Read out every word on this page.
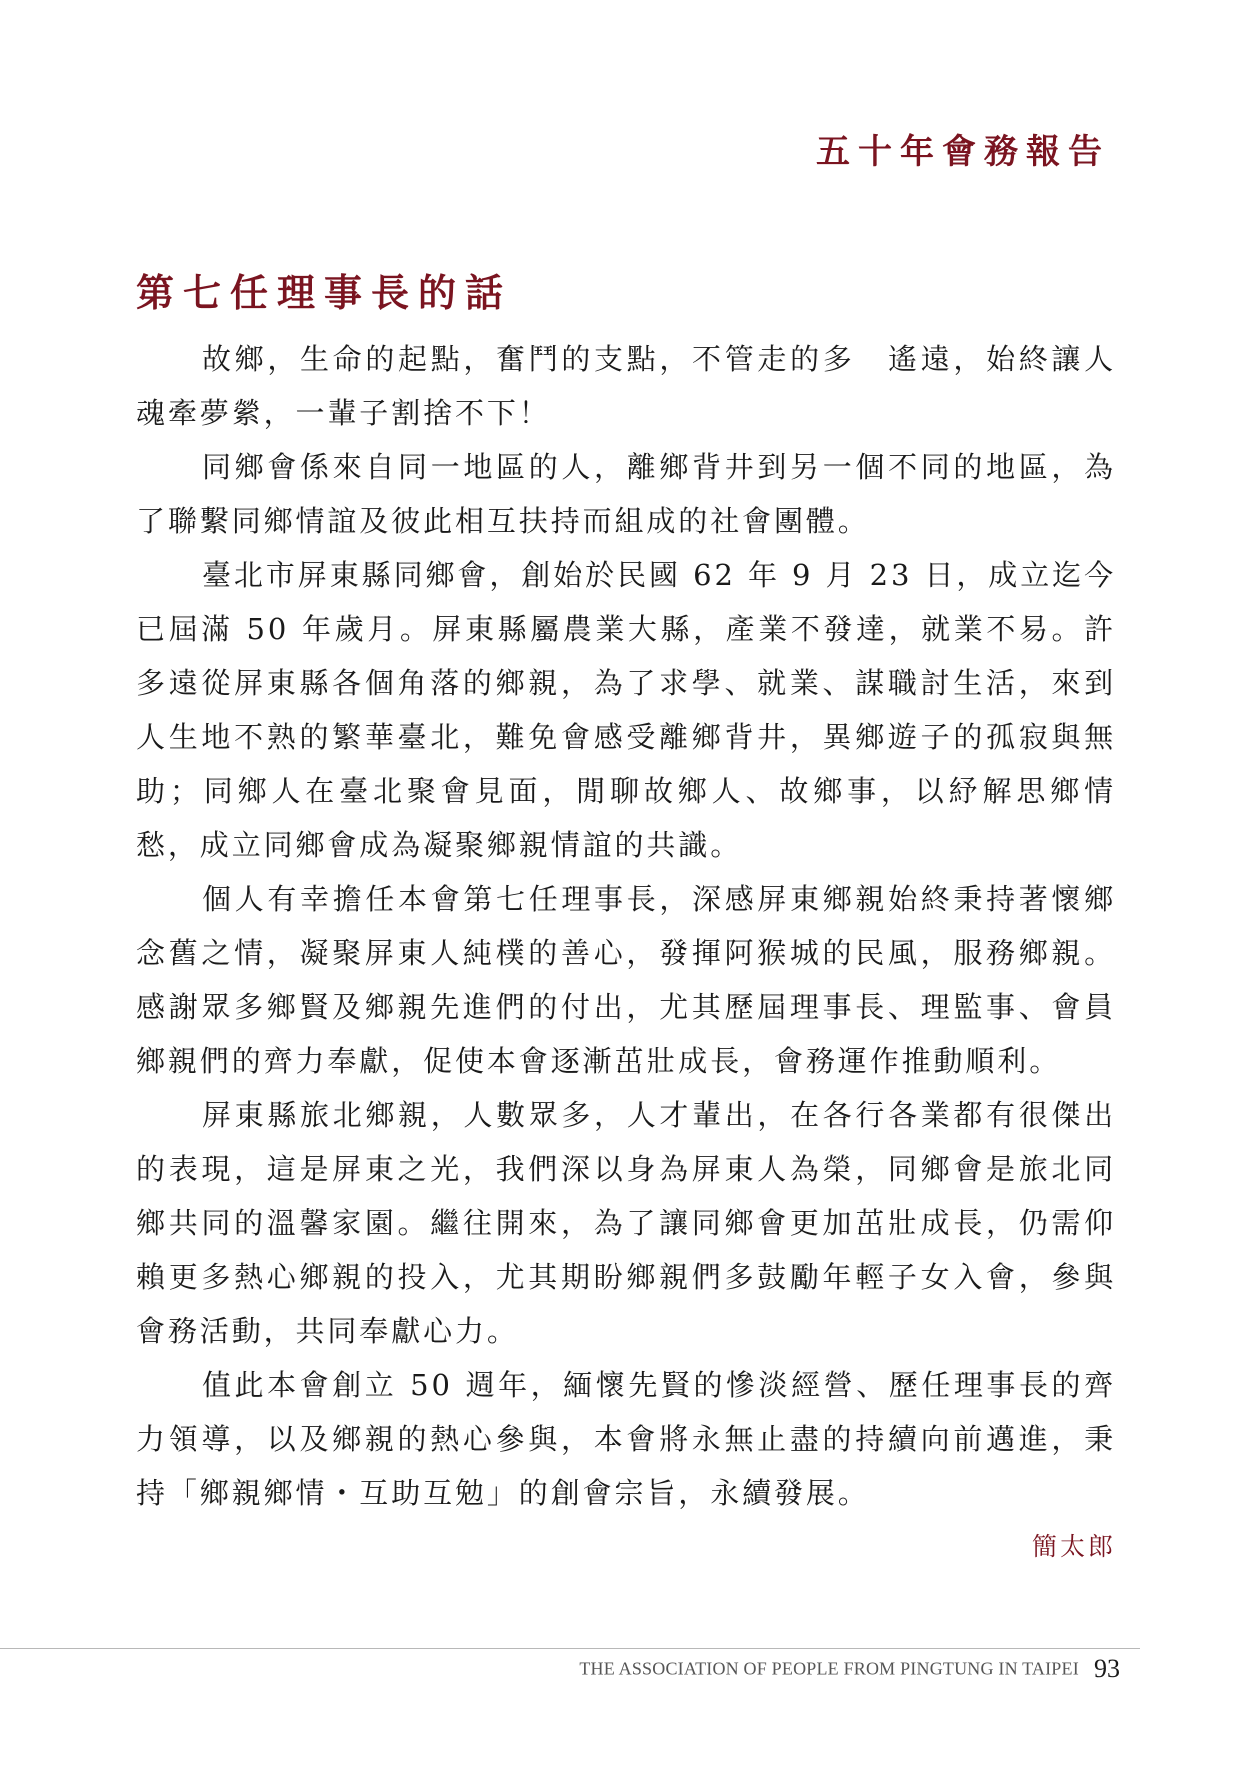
五十年會務報告
第七任理事長的話

故鄉，生命的起點，奮鬥的支點，不管走的多　遙遠，始終讓人魂牽夢縈，一輩子割捨不下！

同鄉會係來自同一地區的人，離鄉背井到另一個不同的地區，為了聯繫同鄉情誼及彼此相互扶持而組成的社會團體。

臺北市屏東縣同鄉會，創始於民國 62 年 9 月 23 日，成立迄今已屆滿 50 年歲月。屏東縣屬農業大縣，產業不發達，就業不易。許多遠從屏東縣各個角落的鄉親，為了求學、就業、謀職討生活，來到人生地不熟的繁華臺北，難免會感受離鄉背井，異鄉遊子的孤寂與無助；同鄉人在臺北聚會見面，閒聊故鄉人、故鄉事，以紓解思鄉情愁，成立同鄉會成為凝聚鄉親情誼的共識。

個人有幸擔任本會第七任理事長，深感屏東鄉親始終秉持著懷鄉念舊之情，凝聚屏東人純樸的善心，發揮阿猴城的民風，服務鄉親。感謝眾多鄉賢及鄉親先進們的付出，尤其歷屆理事長、理監事、會員鄉親們的齊力奉獻，促使本會逐漸茁壯成長，會務運作推動順利。

屏東縣旅北鄉親，人數眾多，人才輩出，在各行各業都有很傑出的表現，這是屏東之光，我們深以身為屏東人為榮，同鄉會是旅北同鄉共同的溫馨家園。繼往開來，為了讓同鄉會更加茁壯成長，仍需仰賴更多熱心鄉親的投入，尤其期盼鄉親們多鼓勵年輕子女入會，參與會務活動，共同奉獻心力。

值此本會創立 50 週年，緬懷先賢的慘淡經營、歷任理事長的齊力領導，以及鄉親的熱心參與，本會將永無止盡的持續向前邁進，秉持「鄉親鄉情・互助互勉」的創會宗旨，永續發展。

簡太郎
THE ASSOCIATION OF PEOPLE FROM PINGTUNG IN TAIPEI 93
